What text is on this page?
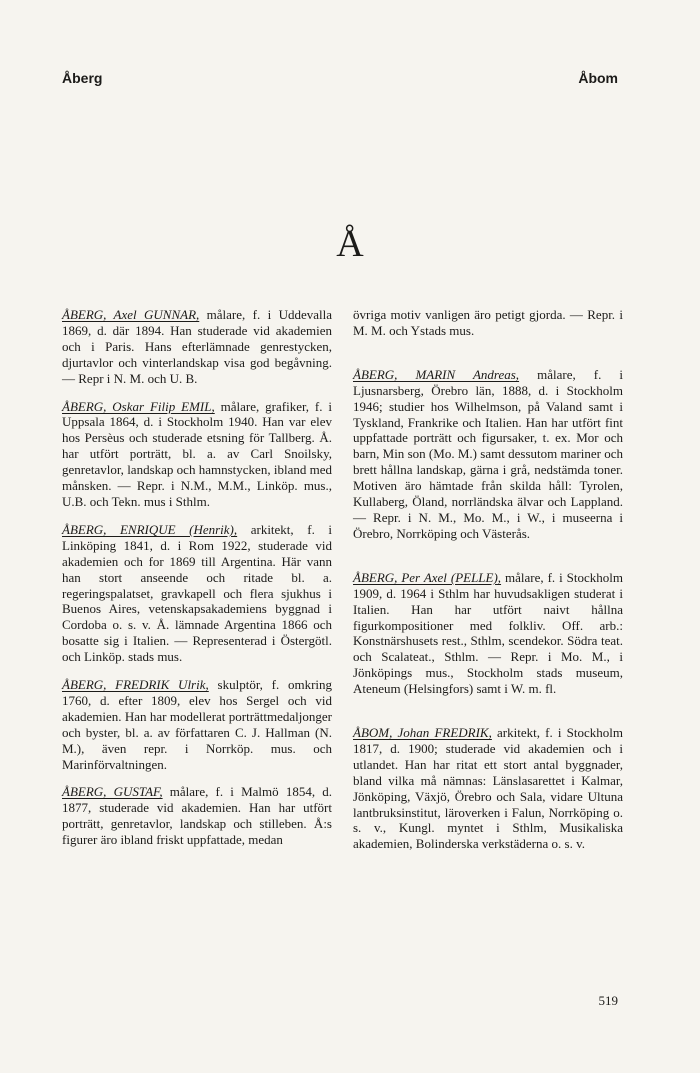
Åberg	Åbom
Å

ÅBERG, Axel GUNNAR, målare, f. i Uddevalla 1869, d. där 1894. Han studerade vid akademien och i Paris. Hans efterlämnade genrestycken, djurtavlor och vinterlandskap visa god begåvning. — Repr i N. M. och U. B.

ÅBERG, Oskar Filip EMIL, målare, grafiker, f. i Uppsala 1864, d. i Stockholm 1940. Han var elev hos Persèus och studerade etsning för Tallberg. Å. har utfört porträtt, bl. a. av Carl Snoilsky, genretavlor, landskap och hamnstycken, ibland med månsken. — Repr. i N.M., M.M., Linköp. mus., U.B. och Tekn. mus i Sthlm.

ÅBERG, ENRIQUE (Henrik), arkitekt, f. i Linköping 1841, d. i Rom 1922, studerade vid akademien och for 1869 till Argentina. Här vann han stort anseende och ritade bl. a. regeringspalatset, gravkapell och flera sjukhus i Buenos Aires, vetenskapsakademiens byggnad i Cordoba o. s. v. Å. lämnade Argentina 1866 och bosatte sig i Italien. — Representerad i Östergötl. och Linköp. stads mus.

ÅBERG, FREDRIK Ulrik, skulptör, f. omkring 1760, d. efter 1809, elev hos Sergel och vid akademien. Han har modellerat porträttmedaljonger och byster, bl. a. av författaren C. J. Hallman (N. M.), även repr. i Norrköp. mus. och Marinförvaltningen.

ÅBERG, GUSTAF, målare, f. i Malmö 1854, d. 1877, studerade vid akademien. Han har utfört porträtt, genretavlor, landskap och stilleben. Å:s figurer äro ibland friskt uppfattade, medan

övriga motiv vanligen äro petigt gjorda. — Repr. i M. M. och Ystads mus.

ÅBERG, MARIN Andreas, målare, f. i Ljusnarsberg, Örebro län, 1888, d. i Stockholm 1946; studier hos Wilhelmson, på Valand samt i Tyskland, Frankrike och Italien. Han har utfört fint uppfattade porträtt och figursaker, t. ex. Mor och barn, Min son (Mo. M.) samt dessutom mariner och brett hållna landskap, gärna i grå, nedstämda toner. Motiven äro hämtade från skilda håll: Tyrolen, Kullaberg, Öland, norrländska älvar och Lappland. — Repr. i N. M., Mo. M., i W., i museerna i Örebro, Norrköping och Västerås.

ÅBERG, Per Axel (PELLE), målare, f. i Stockholm 1909, d. 1964 i Sthlm har huvudsakligen studerat i Italien. Han har utfört naivt hållna figurkompositioner med folkliv. Off. arb.: Konstnärshusets rest., Sthlm, scendekor. Södra teat. och Scalateat., Sthlm. — Repr. i Mo. M., i Jönköpings mus., Stockholm stads museum, Ateneum (Helsingfors) samt i W. m. fl.

ÅBOM, Johan FREDRIK, arkitekt, f. i Stockholm 1817, d. 1900; studerade vid akademien och i utlandet. Han har ritat ett stort antal byggnader, bland vilka må nämnas: Länslasarettet i Kalmar, Jönköping, Växjö, Örebro och Sala, vidare Ultuna lantbruksinstitut, läroverken i Falun, Norrköping o. s. v., Kungl. myntet i Sthlm, Musikaliska akademien, Bolinderska verkstäderna o. s. v.

519
